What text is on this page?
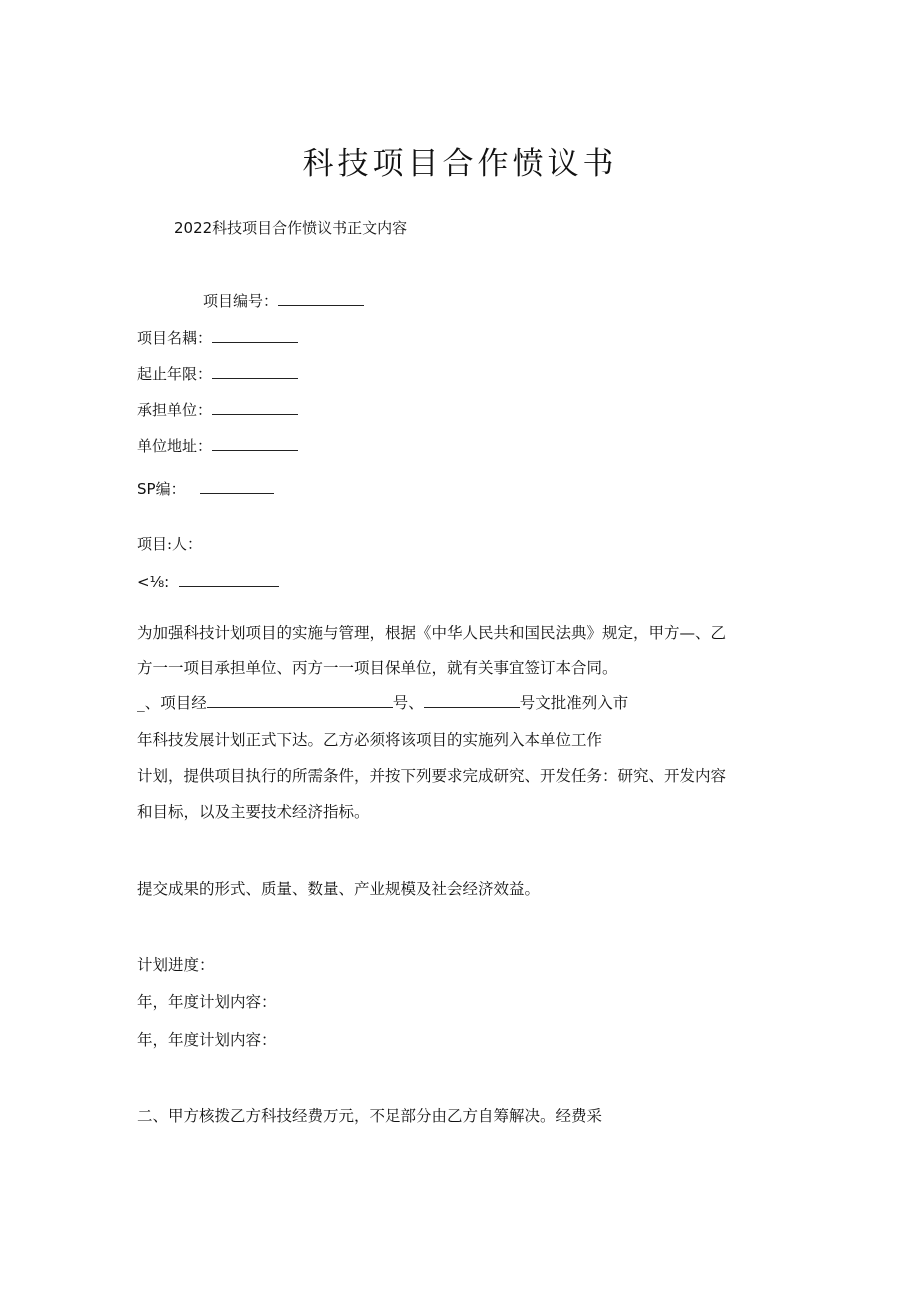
科技项目合作愤议书
2022科技项目合作愤议书正文内容
项目编号：
项目名耦：
起止年限：
承担单位：
单位地址：
SP编：
项目:人：
<⅛:
为加强科技计划项目的实施与管理，根据《中华人民共和国民法典》规定，甲方—、乙
方一一项目承担单位、丙方一一项目保单位，就有关事宜签订本合同。
_、项目经	号、	号文批准列入市
年科技发展计划正式下达。乙方必须将该项目的实施列入本单位工作
计划，提供项目执行的所需条件，并按下列要求完成研究、开发任务：研究、开发内容
和目标，以及主要技术经济指标。
提交成果的形式、质量、数量、产业规模及社会经济效益。
计划进度：
年，年度计划内容：
年，年度计划内容：
二、甲方核拨乙方科技经费万元，不足部分由乙方自筹解决。经费采
